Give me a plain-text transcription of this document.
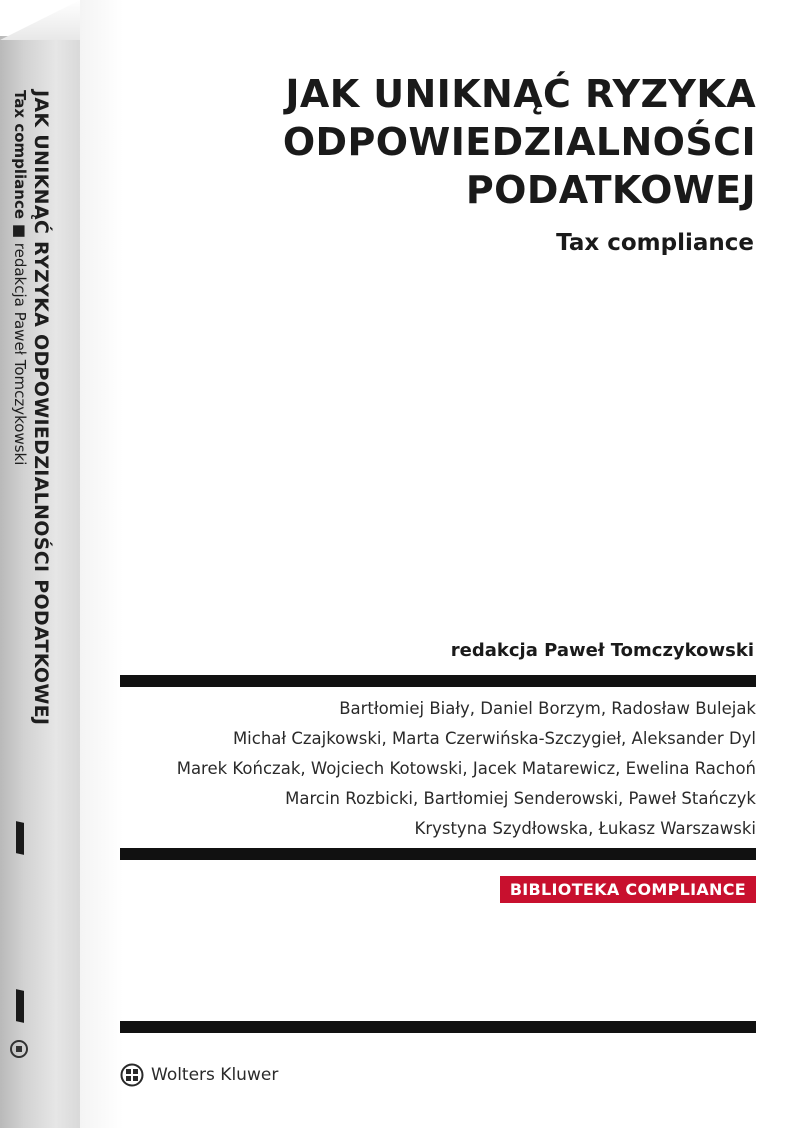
JAK UNIKNĄĆ RYZYKA ODPOWIEDZIALNOŚCI PODATKOWEJ
Tax compliance ■ redakcja Paweł Tomczykowski
JAK UNIKNĄĆ RYZYKA
ODPOWIEDZIALNOŚCI
PODATKOWEJ
Tax compliance
redakcja Paweł Tomczykowski
Bartłomiej Biały, Daniel Borzym, Radosław Bulejak
Michał Czajkowski, Marta Czerwińska-Szczygieł, Aleksander Dyl
Marek Kończak, Wojciech Kotowski, Jacek Matarewicz, Ewelina Rachoń
Marcin Rozbicki, Bartłomiej Senderowski, Paweł Stańczyk
Krystyna Szydłowska, Łukasz Warszawski
BIBLIOTEKA COMPLIANCE
Wolters Kluwer
